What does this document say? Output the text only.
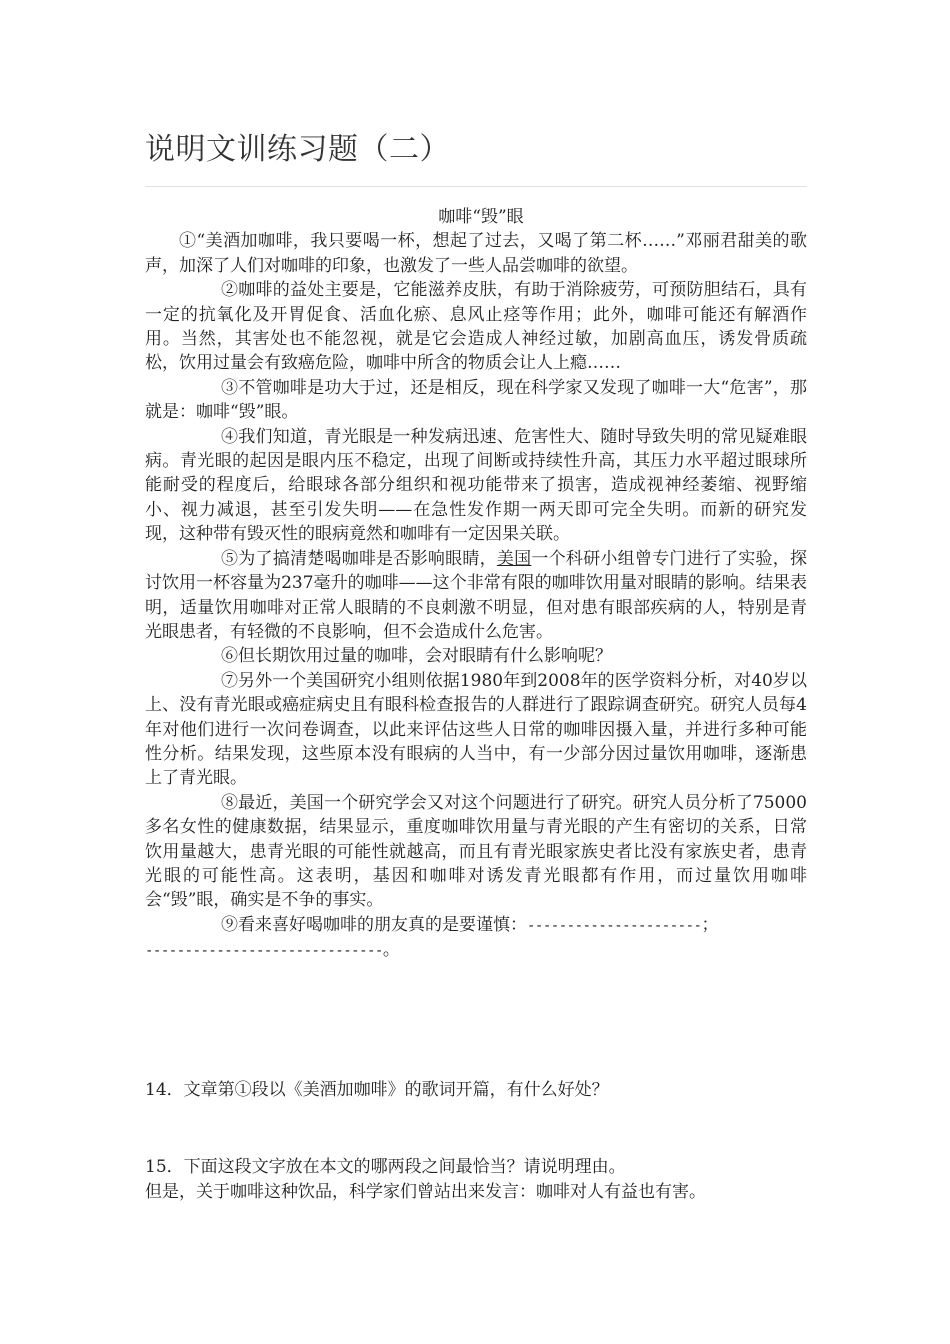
说明文训练习题（二）

咖啡“毁”眼

①“美酒加咖啡，我只要喝一杯，想起了过去，又喝了第二杯……”邓丽君甜美的歌声，加深了人们对咖啡的印象，也激发了一些人品尝咖啡的欲望。

②咖啡的益处主要是，它能滋养皮肤，有助于消除疲劳，可预防胆结石，具有一定的抗氧化及开胃促食、活血化瘀、息风止痉等作用；此外，咖啡可能还有解酒作用。当然，其害处也不能忽视，就是它会造成人神经过敏，加剧高血压，诱发骨质疏松，饮用过量会有致癌危险，咖啡中所含的物质会让人上瘾……

③不管咖啡是功大于过，还是相反，现在科学家又发现了咖啡一大“危害”，那就是：咖啡“毁”眼。

④我们知道，青光眼是一种发病迅速、危害性大、随时导致失明的常见疑难眼病。青光眼的起因是眼内压不稳定，出现了间断或持续性升高，其压力水平超过眼球所能耐受的程度后，给眼球各部分组织和视功能带来了损害，造成视神经萎缩、视野缩小、视力减退，甚至引发失明——在急性发作期一两天即可完全失明。而新的研究发现，这种带有毁灭性的眼病竟然和咖啡有一定因果关联。

⑤为了搞清楚喝咖啡是否影响眼睛，美国一个科研小组曾专门进行了实验，探讨饮用一杯容量为237毫升的咖啡——这个非常有限的咖啡饮用量对眼睛的影响。结果表明，适量饮用咖啡对正常人眼睛的不良刺激不明显，但对患有眼部疾病的人，特别是青光眼患者，有轻微的不良影响，但不会造成什么危害。

⑥但长期饮用过量的咖啡，会对眼睛有什么影响呢？

⑦另外一个美国研究小组则依据1980年到2008年的医学资料分析，对40岁以上、没有青光眼或癌症病史且有眼科检查报告的人群进行了跟踪调查研究。研究人员每4年对他们进行一次问卷调查，以此来评估这些人日常的咖啡因摄入量，并进行多种可能性分析。结果发现，这些原本没有眼病的人当中，有一少部分因过量饮用咖啡，逐渐患上了青光眼。

⑧最近，美国一个研究学会又对这个问题进行了研究。研究人员分析了75000多名女性的健康数据，结果显示，重度咖啡饮用量与青光眼的产生有密切的关系，日常饮用量越大，患青光眼的可能性就越高，而且有青光眼家族史者比没有家族史者，患青光眼的可能性高。这表明，基因和咖啡对诱发青光眼都有作用，而过量饮用咖啡会“毁”眼，确实是不争的事实。

⑨看来喜好喝咖啡的朋友真的是要谨慎：----------------------；
------------------------------。

14．文章第①段以《美酒加咖啡》的歌词开篇，有什么好处？

15．下面这段文字放在本文的哪两段之间最恰当？请说明理由。

但是，关于咖啡这种饮品，科学家们曾站出来发言：咖啡对人有益也有害。
